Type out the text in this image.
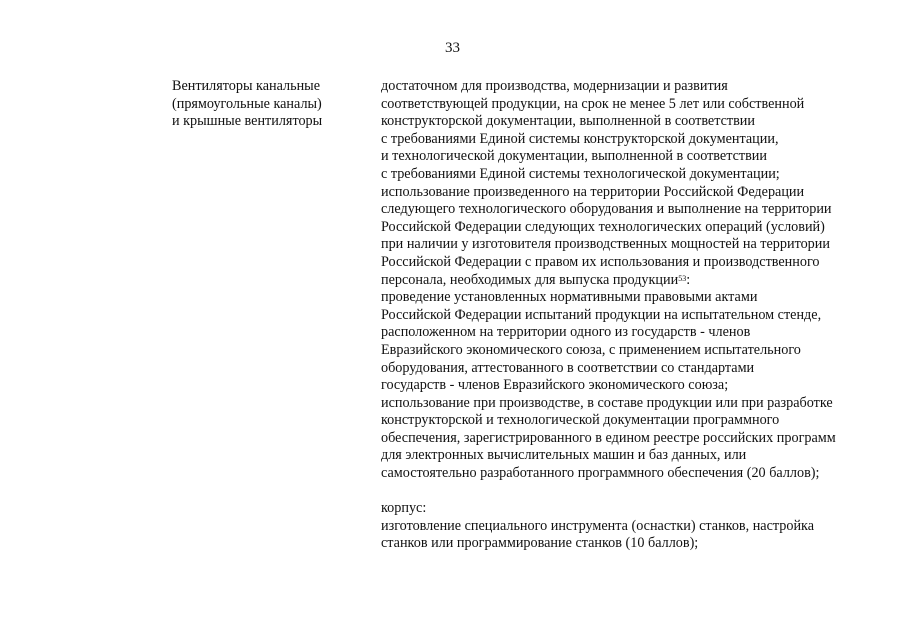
33
Вентиляторы канальные
(прямоугольные каналы)
и крышные вентиляторы
достаточном для производства, модернизации и развития
соответствующей продукции, на срок не менее 5 лет или собственной
конструкторской документации, выполненной в соответствии
с требованиями Единой системы конструкторской документации,
и технологической документации, выполненной в соответствии
с требованиями Единой системы технологической документации;
использование произведенного на территории Российской Федерации
следующего технологического оборудования и выполнение на территории
Российской Федерации следующих технологических операций (условий)
при наличии у изготовителя производственных мощностей на территории
Российской Федерации с правом их использования и производственного
персонала, необходимых для выпуска продукции$^{53}$:
проведение установленных нормативными правовыми актами
Российской Федерации испытаний продукции на испытательном стенде,
расположенном на территории одного из государств - членов
Евразийского экономического союза, с применением испытательного
оборудования, аттестованного в соответствии со стандартами
государств - членов Евразийского экономического союза;
использование при производстве, в составе продукции или при разработке
конструкторской и технологической документации программного
обеспечения, зарегистрированного в едином реестре российских программ
для электронных вычислительных машин и баз данных, или
самостоятельно разработанного программного обеспечения (20 баллов);
корпус:
изготовление специального инструмента (оснастки) станков, настройка
станков или программирование станков (10 баллов);
